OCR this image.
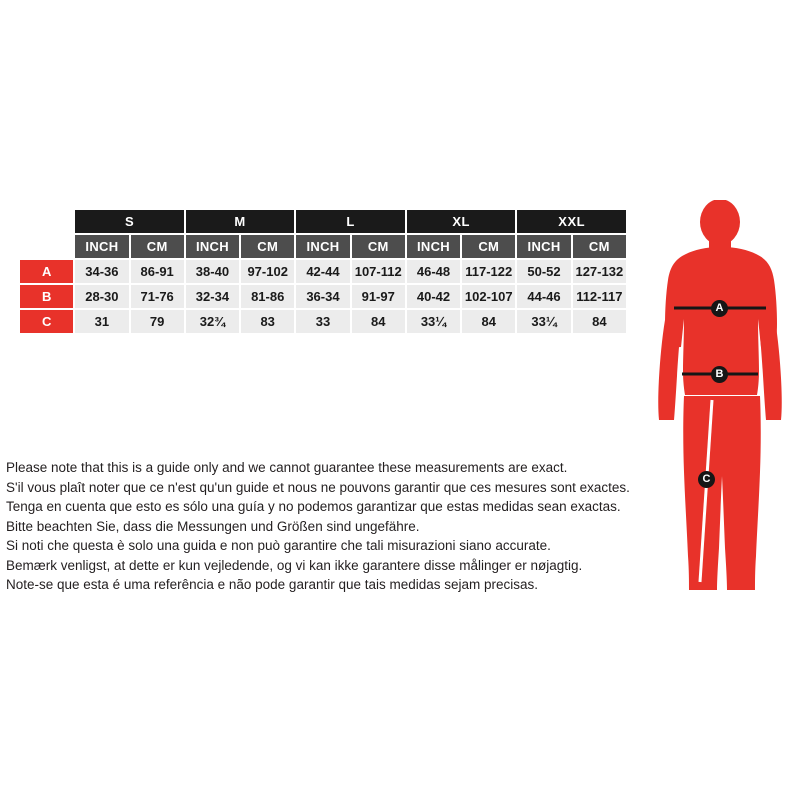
	S		M		L		XL		XXL	
	INCH	CM	INCH	CM	INCH	CM	INCH	CM	INCH	CM
A	34-36	86-91	38-40	97-102	42-44	107-112	46-48	117-122	50-52	127-132
B	28-30	71-76	32-34	81-86	36-34	91-97	40-42	102-107	44-46	112-117
C	31	79	32¾	83	33	84	33¼	84	33¼	84
Please note that this is a guide only and we cannot guarantee these measurements are exact.
S'il vous plaît noter que ce n'est qu'un guide et nous ne pouvons garantir que ces mesures sont exactes.
Tenga en cuenta que esto es sólo una guía y no podemos garantizar que estas medidas sean exactas.
Bitte beachten Sie, dass die Messungen und Größen sind ungefähre.
Si noti che questa è solo una guida e non può garantire che tali misurazioni siano accurate.
Bemærk venligst, at dette er kun vejledende, og vi kan ikke garantere disse målinger er nøjagtig.
Note-se que esta é uma referência e não pode garantir que tais medidas sejam precisas.
A
B
C
